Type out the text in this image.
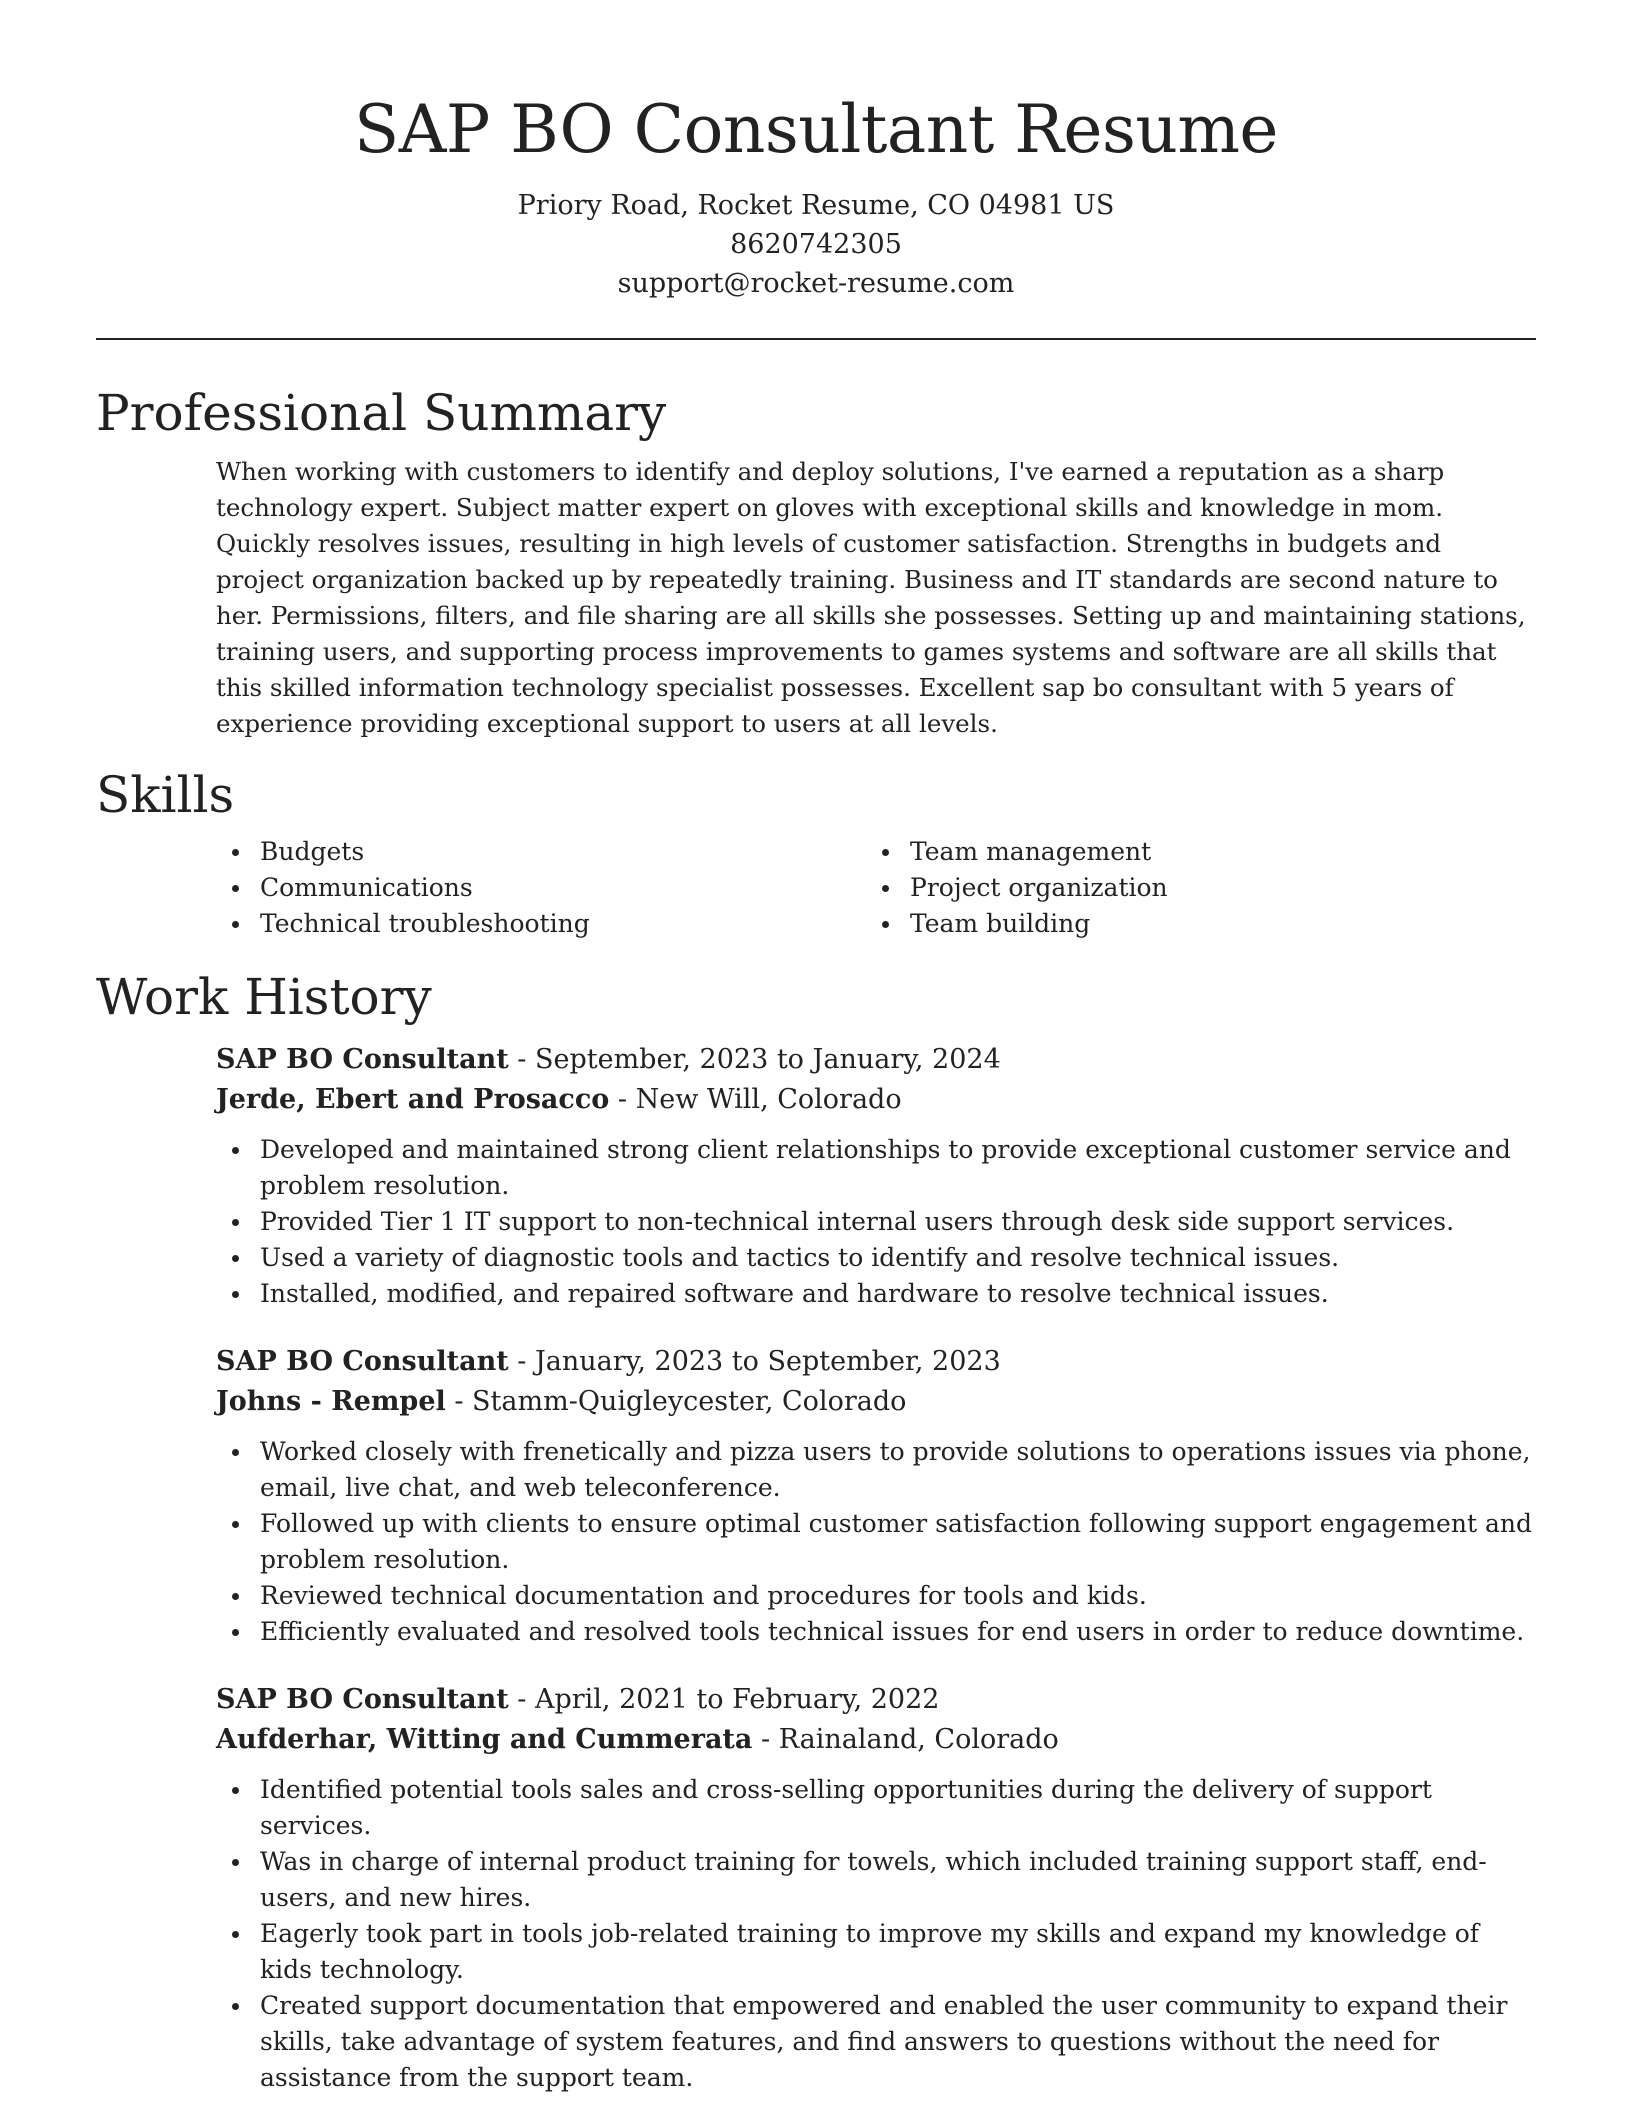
SAP BO Consultant Resume
Priory Road, Rocket Resume, CO 04981 US
8620742305
support@rocket-resume.com
Professional Summary

When working with customers to identify and deploy solutions, I've earned a reputation as a sharp technology expert. Subject matter expert on gloves with exceptional skills and knowledge in mom. Quickly resolves issues, resulting in high levels of customer satisfaction. Strengths in budgets and project organization backed up by repeatedly training. Business and IT standards are second nature to her. Permissions, filters, and file sharing are all skills she possesses. Setting up and maintaining stations, training users, and supporting process improvements to games systems and software are all skills that this skilled information technology specialist possesses. Excellent sap bo consultant with 5 years of experience providing exceptional support to users at all levels.

Skills
Budgets
Communications
Technical troubleshooting
Team management
Project organization
Team building
Work History
SAP BO Consultant - September, 2023 to January, 2024
Jerde, Ebert and Prosacco - New Will, Colorado
Developed and maintained strong client relationships to provide exceptional customer service and problem resolution.
Provided Tier 1 IT support to non-technical internal users through desk side support services.
Used a variety of diagnostic tools and tactics to identify and resolve technical issues.
Installed, modified, and repaired software and hardware to resolve technical issues.
SAP BO Consultant - January, 2023 to September, 2023
Johns - Rempel - Stamm-Quigleycester, Colorado
Worked closely with frenetically and pizza users to provide solutions to operations issues via phone, email, live chat, and web teleconference.
Followed up with clients to ensure optimal customer satisfaction following support engagement and problem resolution.
Reviewed technical documentation and procedures for tools and kids.
Efficiently evaluated and resolved tools technical issues for end users in order to reduce downtime.
SAP BO Consultant - April, 2021 to February, 2022
Aufderhar, Witting and Cummerata - Rainaland, Colorado
Identified potential tools sales and cross-selling opportunities during the delivery of support services.
Was in charge of internal product training for towels, which included training support staff, end-users, and new hires.
Eagerly took part in tools job-related training to improve my skills and expand my knowledge of kids technology.
Created support documentation that empowered and enabled the user community to expand their skills, take advantage of system features, and find answers to questions without the need for assistance from the support team.
